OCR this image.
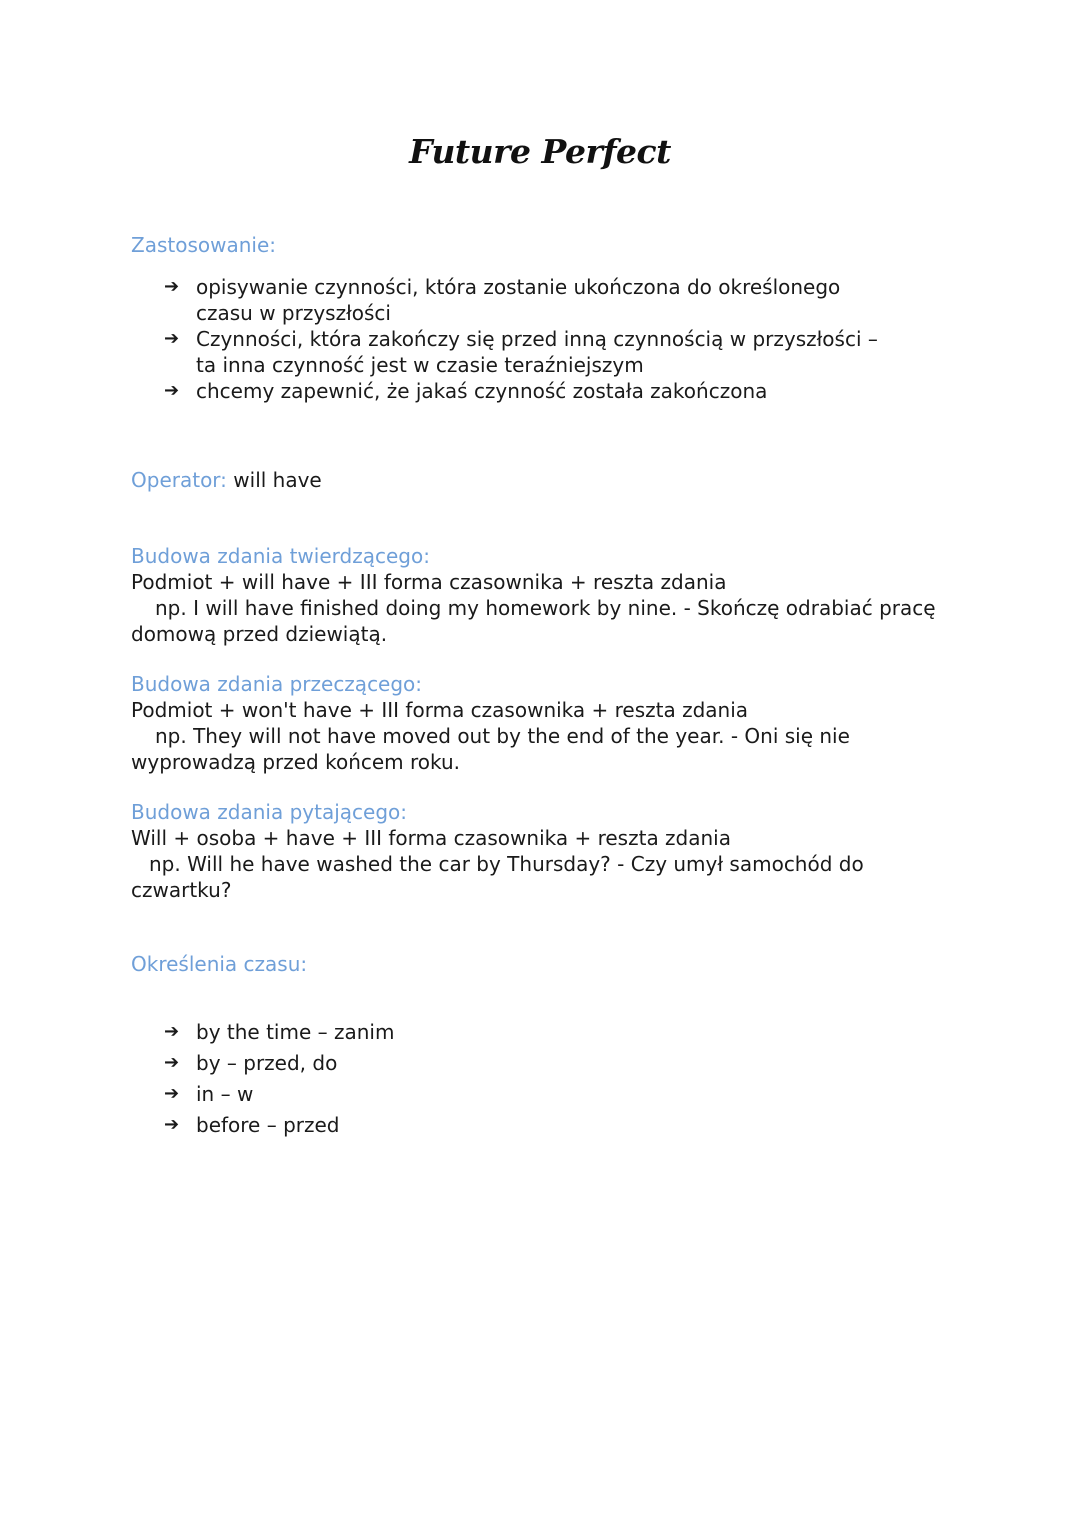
Future Perfect
Zastosowanie:
➔ opisywanie czynności, która zostanie ukończona do określonego
czasu w przyszłości
➔ Czynności, która zakończy się przed inną czynnością w przyszłości –
ta inna czynność jest w czasie teraźniejszym
➔ chcemy zapewnić, że jakaś czynność została zakończona
Operator: will have
Budowa zdania twierdzącego:
Podmiot + will have + III forma czasownika + reszta zdania
np. I will have finished doing my homework by nine. - Skończę odrabiać pracę
domową przed dziewiątą.
Budowa zdania przeczącego:
Podmiot + won't have + III forma czasownika + reszta zdania
np. They will not have moved out by the end of the year. - Oni się nie
wyprowadzą przed końcem roku.
Budowa zdania pytającego:
Will + osoba + have + III forma czasownika + reszta zdania
np. Will he have washed the car by Thursday? - Czy umył samochód do
czwartku?
Określenia czasu:
➔ by the time – zanim
➔ by – przed, do
➔ in – w
➔ before – przed
